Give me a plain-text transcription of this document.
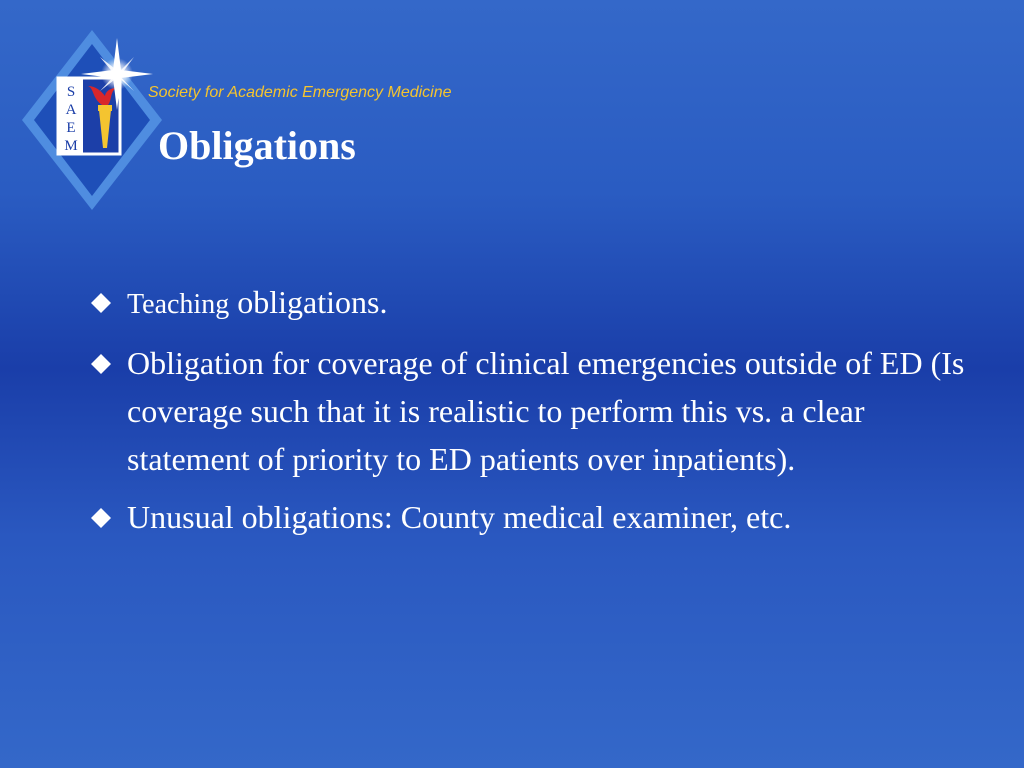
S
A
E
M
Society for Academic Emergency Medicine
Obligations
Teaching obligations.
Obligation for coverage of clinical emergencies outside of ED (Is coverage such that it is realistic to perform this vs. a clear statement of priority to ED patients over inpatients).
Unusual obligations: County medical examiner, etc.
